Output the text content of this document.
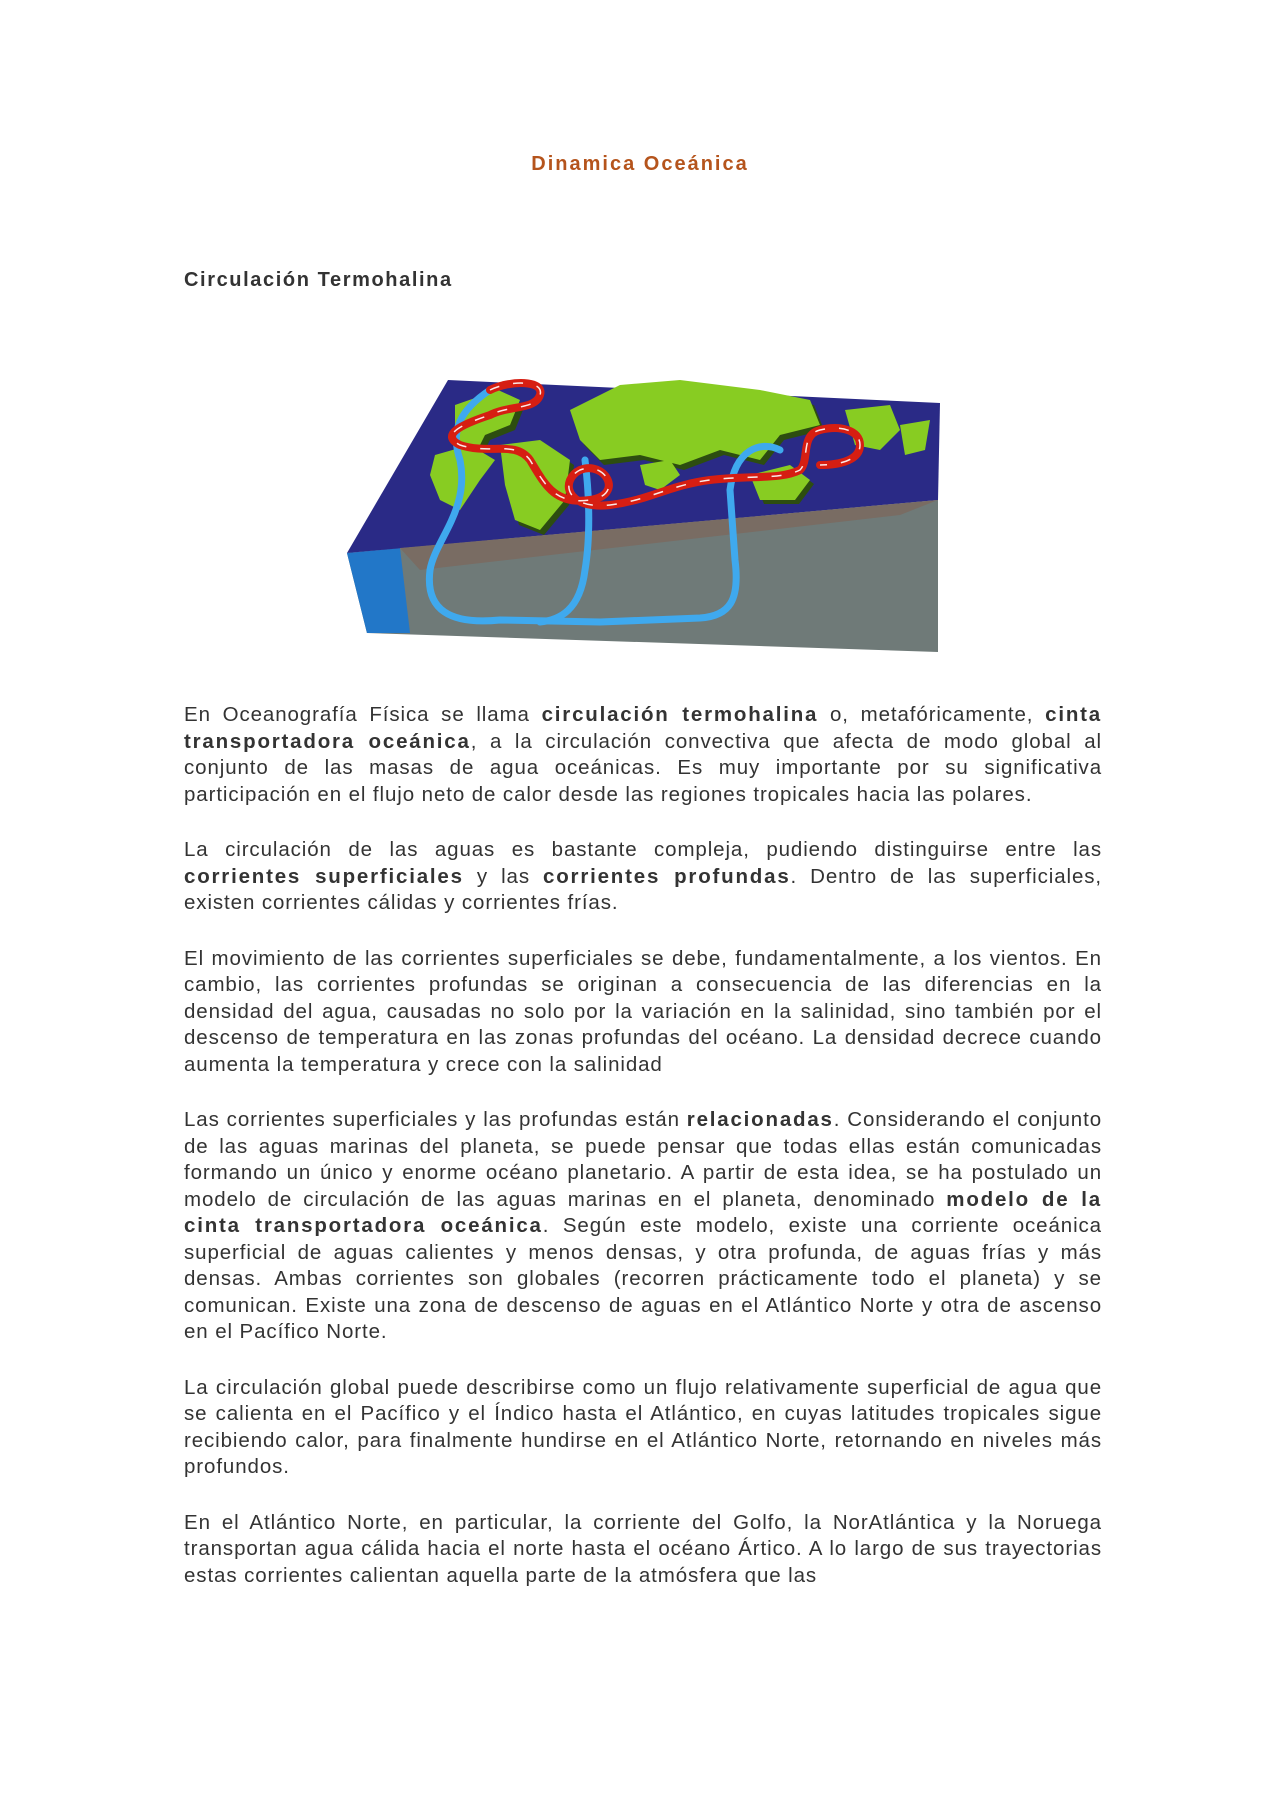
Dinamica Oceánica
Circulación Termohalina

En Oceanografía Física se llama circulación termohalina o, metafóricamente, cinta transportadora oceánica, a la circulación convectiva que afecta de modo global al conjunto de las masas de agua oceánicas. Es muy importante por su significativa participación en el flujo neto de calor desde las regiones tropicales hacia las polares.

La circulación de las aguas es bastante compleja, pudiendo distinguirse entre las corrientes superficiales y las corrientes profundas. Dentro de las superficiales, existen corrientes cálidas y corrientes frías.

El movimiento de las corrientes superficiales se debe, fundamentalmente, a los vientos. En cambio, las corrientes profundas se originan a consecuencia de las diferencias en la densidad del agua, causadas no solo por la variación en la salinidad, sino también por el descenso de temperatura en las zonas profundas del océano. La densidad decrece cuando aumenta la temperatura y crece con la salinidad

Las corrientes superficiales y las profundas están relacionadas. Considerando el conjunto de las aguas marinas del planeta, se puede pensar que todas ellas están comunicadas formando un único y enorme océano planetario. A partir de esta idea, se ha postulado un modelo de circulación de las aguas marinas en el planeta, denominado modelo de la cinta transportadora oceánica. Según este modelo, existe una corriente oceánica superficial de aguas calientes y menos densas, y otra profunda, de aguas frías y más densas. Ambas corrientes son globales (recorren prácticamente todo el planeta) y se comunican. Existe una zona de descenso de aguas en el Atlántico Norte y otra de ascenso en el Pacífico Norte.

La circulación global puede describirse como un flujo relativamente superficial de agua que se calienta en el Pacífico y el Índico hasta el Atlántico, en cuyas latitudes tropicales sigue recibiendo calor, para finalmente hundirse en el Atlántico Norte, retornando en niveles más profundos.

En el Atlántico Norte, en particular, la corriente del Golfo, la NorAtlántica y la Noruega transportan agua cálida hacia el norte hasta el océano Ártico. A lo largo de sus trayectorias estas corrientes calientan aquella parte de la atmósfera que las
